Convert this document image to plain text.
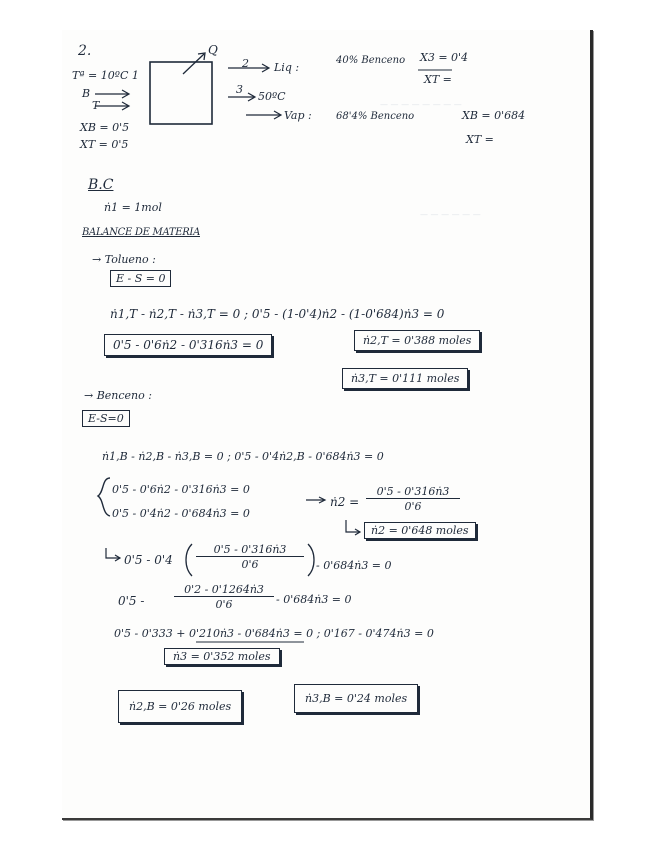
— — — — — — — —
— — — — — —
2.	Q
Tª = 10ºC 1
B
T
XB = 0'5
XT = 0'5
2
3
50ºC
Liq :
40% Benceno X3 = 0'4
XT =
Vap : 68'4% Benceno	XB = 0'684
XT =
B.C
ṅ1 = 1mol
BALANCE DE MATERIA
→ Tolueno :
E - S = 0
ṅ1,T - ṅ2,T - ṅ3,T = 0 ; 0'5 - (1-0'4)ṅ2 - (1-0'684)ṅ3 = 0
0'5 - 0'6ṅ2 - 0'316ṅ3 = 0	ṅ2,T = 0'388 moles
ṅ3,T = 0'111 moles
→ Benceno :
E-S=0
ṅ1,B - ṅ2,B - ṅ3,B = 0 ; 0'5 - 0'4ṅ2,B - 0'684ṅ3 = 0
0'5 - 0'6ṅ2 - 0'316ṅ3 = 0
0'5 - 0'4ṅ2 - 0'684ṅ3 = 0
ṅ2 = $\frac{\text{0'5 - 0'316ṅ3}}{0'6}$
ṅ2 = 0'648 moles
$0'5 - 0'4 \frac{\text{0'5 - 0'316ṅ3}}{0'6}$ - 0'684ṅ3 = 0
0'5 -	$\frac{\text{0'2 - 0'1264ṅ3}}{0'6}$ - 0'684ṅ3 = 0
0'5 - 0'333 + 0'210ṅ3 - 0'684ṅ3 = 0 ; 0'167 - 0'474ṅ3 = 0
ṅ3 = 0'352 moles
ṅ2,B = 0'26 moles
ṅ3,B = 0'24 moles
